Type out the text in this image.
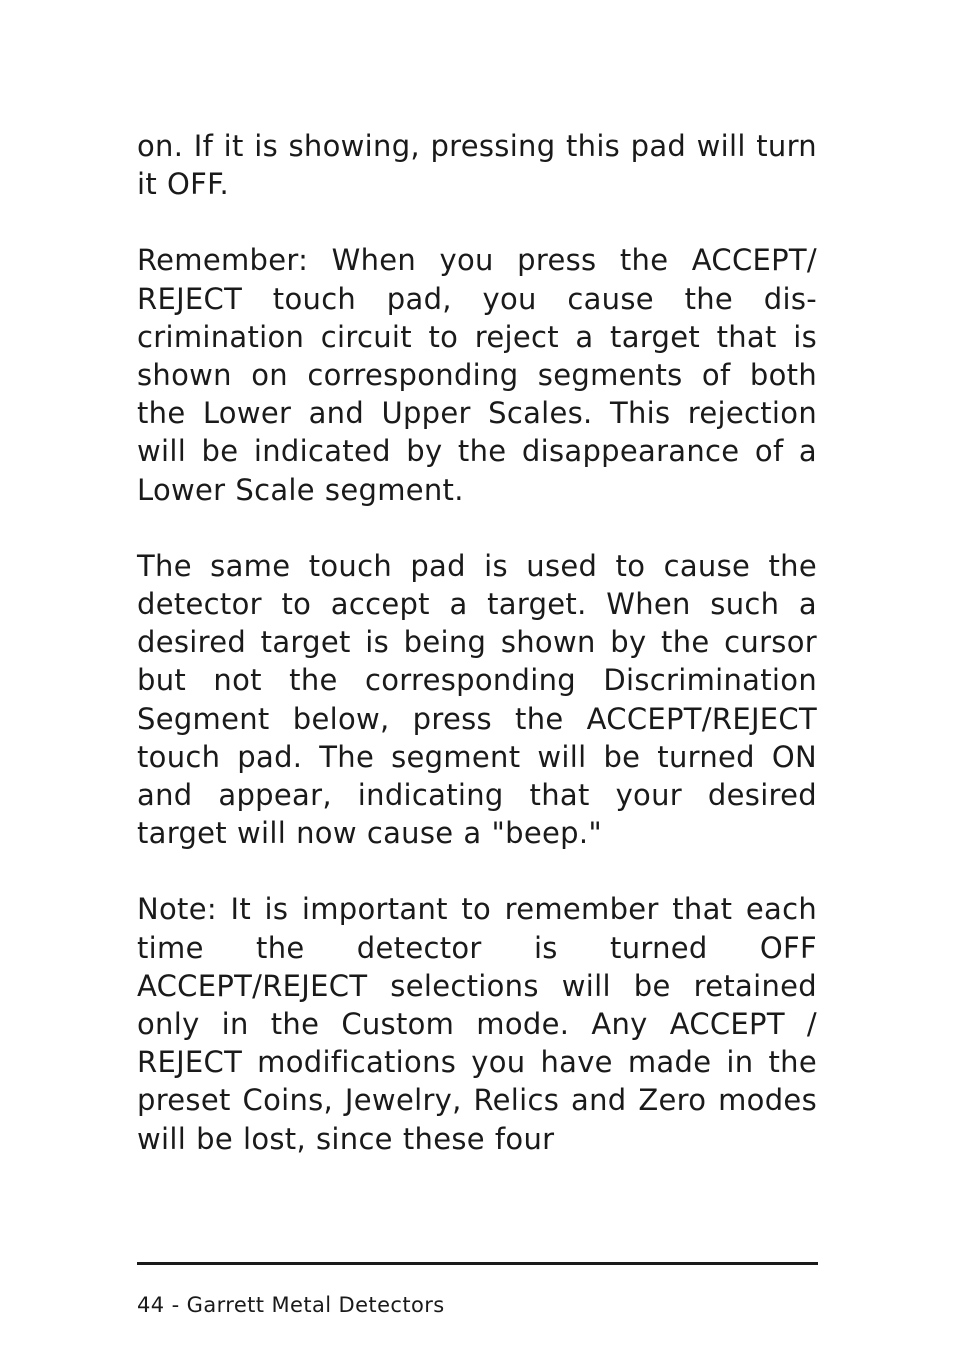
on. If it is showing, pressing this pad will turn it OFF.

Remember: When you press the ACCEPT/ REJECT touch pad, you cause the dis-crimination circuit to reject a target that is shown on corresponding segments of both the Lower and Upper Scales. This rejection will be indicated by the disappearance of a Lower Scale segment.

The same touch pad is used to cause the detector to accept a target. When such a desired target is being shown by the cursor but not the corresponding Discrimination Segment below, press the ACCEPT/REJECT touch pad. The segment will be turned ON and appear, indicating that your desired target will now cause a "beep."

Note: It is important to remember that each time the detector is turned OFF ACCEPT/REJECT selections will be retained only in the Custom mode. Any ACCEPT / REJECT modifications you have made in the preset Coins, Jewelry, Relics and Zero modes will be lost, since these four

44 - Garrett Metal Detectors
